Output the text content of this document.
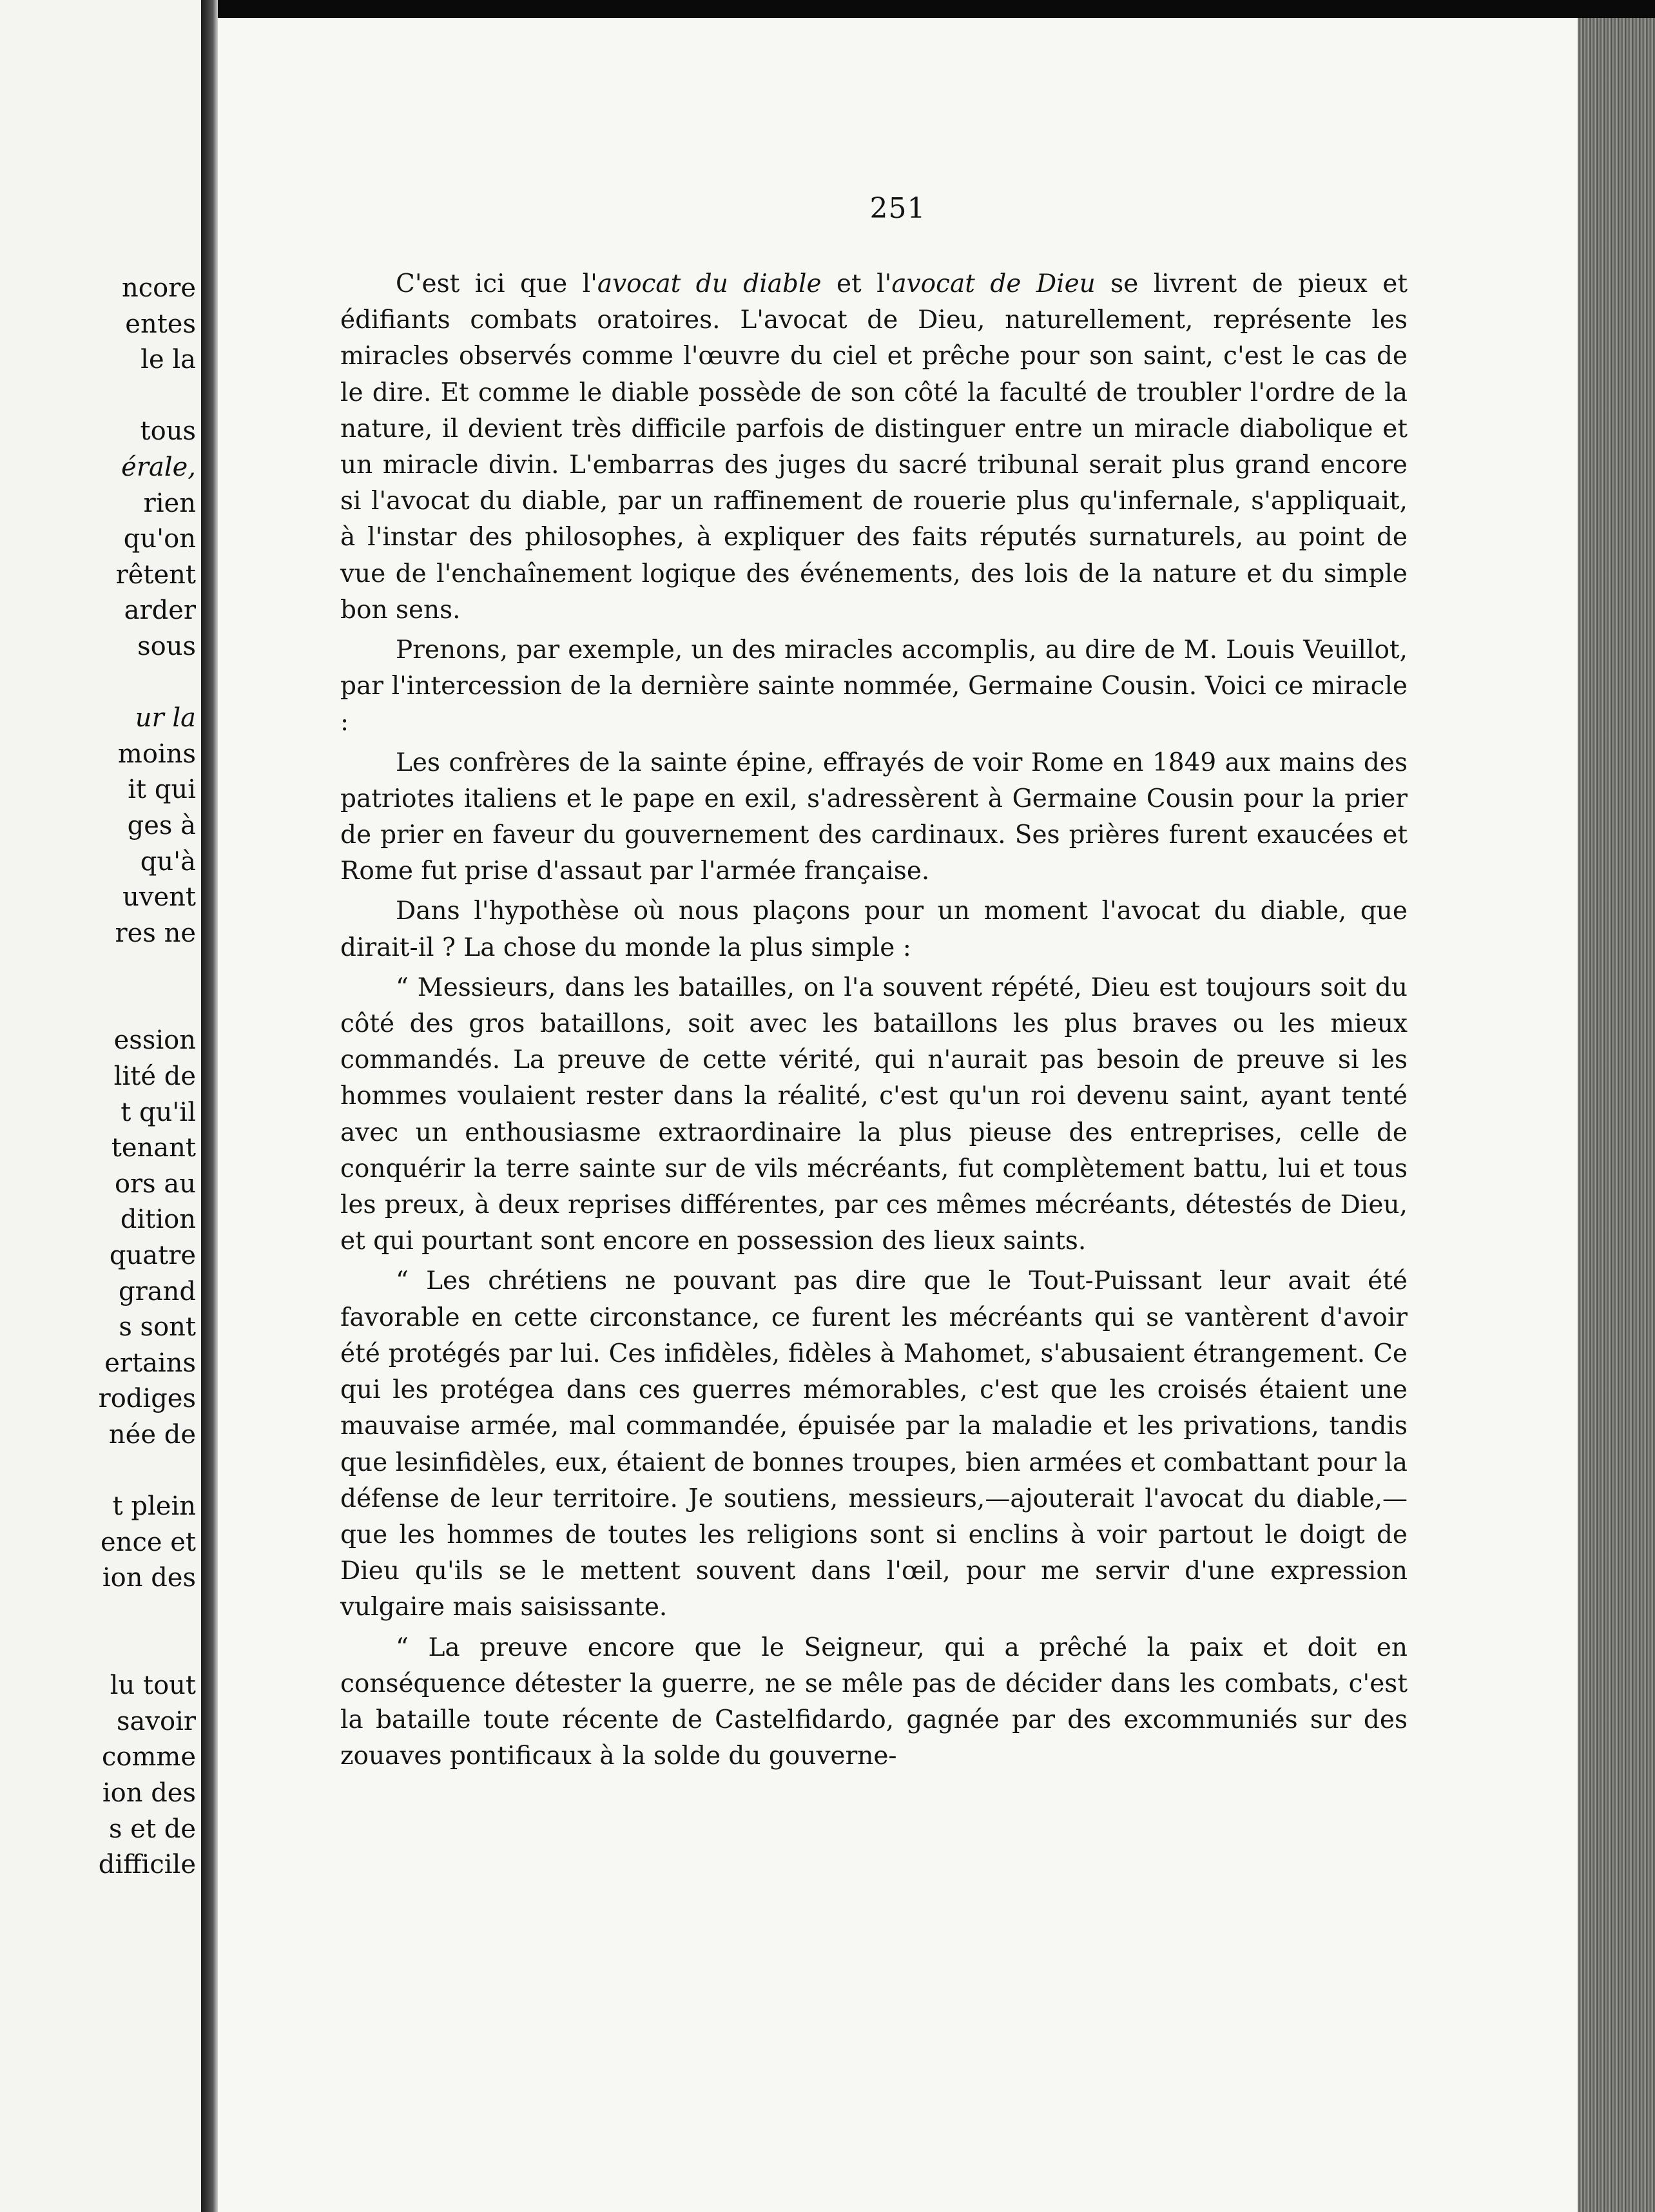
ncore
entes
le la
tous
érale,
rien
qu'on
rêtent
arder
sous
ur la
moins
it qui
ges à
qu'à
uvent
res ne
ession
lité de
t qu'il
tenant
ors au
dition
quatre
grand
s sont
ertains
rodiges
née de
t plein
ence et
ion des
lu tout
savoir
comme
ion des
s et de
difficile
251

C'est ici que l'avocat du diable et l'avocat de Dieu se livrent de pieux et édifiants combats oratoires. L'avocat de Dieu, naturellement, représente les miracles observés comme l'œuvre du ciel et prêche pour son saint, c'est le cas de le dire. Et comme le diable possède de son côté la faculté de troubler l'ordre de la nature, il devient très difficile parfois de distinguer entre un miracle diabolique et un miracle divin. L'embarras des juges du sacré tribunal serait plus grand encore si l'avocat du diable, par un raffinement de rouerie plus qu'infernale, s'appliquait, à l'instar des philosophes, à expliquer des faits réputés surnaturels, au point de vue de l'enchaînement logique des événements, des lois de la nature et du simple bon sens.

Prenons, par exemple, un des miracles accomplis, au dire de M. Louis Veuillot, par l'intercession de la dernière sainte nommée, Germaine Cousin. Voici ce miracle :

Les confrères de la sainte épine, effrayés de voir Rome en 1849 aux mains des patriotes italiens et le pape en exil, s'adressèrent à Germaine Cousin pour la prier de prier en faveur du gouvernement des cardinaux. Ses prières furent exaucées et Rome fut prise d'assaut par l'armée française.

Dans l'hypothèse où nous plaçons pour un moment l'avocat du diable, que dirait-il ? La chose du monde la plus simple :

“ Messieurs, dans les batailles, on l'a souvent répété, Dieu est toujours soit du côté des gros bataillons, soit avec les bataillons les plus braves ou les mieux commandés. La preuve de cette vérité, qui n'aurait pas besoin de preuve si les hommes voulaient rester dans la réalité, c'est qu'un roi devenu saint, ayant tenté avec un enthousiasme extraordinaire la plus pieuse des entreprises, celle de conquérir la terre sainte sur de vils mécréants, fut complètement battu, lui et tous les preux, à deux reprises différentes, par ces mêmes mécréants, détestés de Dieu, et qui pourtant sont encore en possession des lieux saints.

“ Les chrétiens ne pouvant pas dire que le Tout-Puissant leur avait été favorable en cette circonstance, ce furent les mécréants qui se vantèrent d'avoir été protégés par lui. Ces infidèles, fidèles à Mahomet, s'abusaient étrangement. Ce qui les protégea dans ces guerres mémorables, c'est que les croisés étaient une mauvaise armée, mal commandée, épuisée par la maladie et les privations, tandis que lesinfidèles, eux, étaient de bonnes troupes, bien armées et combattant pour la défense de leur territoire. Je soutiens, messieurs,—ajouterait l'avocat du diable,—que les hommes de toutes les religions sont si enclins à voir partout le doigt de Dieu qu'ils se le mettent souvent dans l'œil, pour me servir d'une expression vulgaire mais saisissante.

“ La preuve encore que le Seigneur, qui a prêché la paix et doit en conséquence détester la guerre, ne se mêle pas de décider dans les combats, c'est la bataille toute récente de Castelfidardo, gagnée par des excommuniés sur des zouaves pontificaux à la solde du gouverne-
